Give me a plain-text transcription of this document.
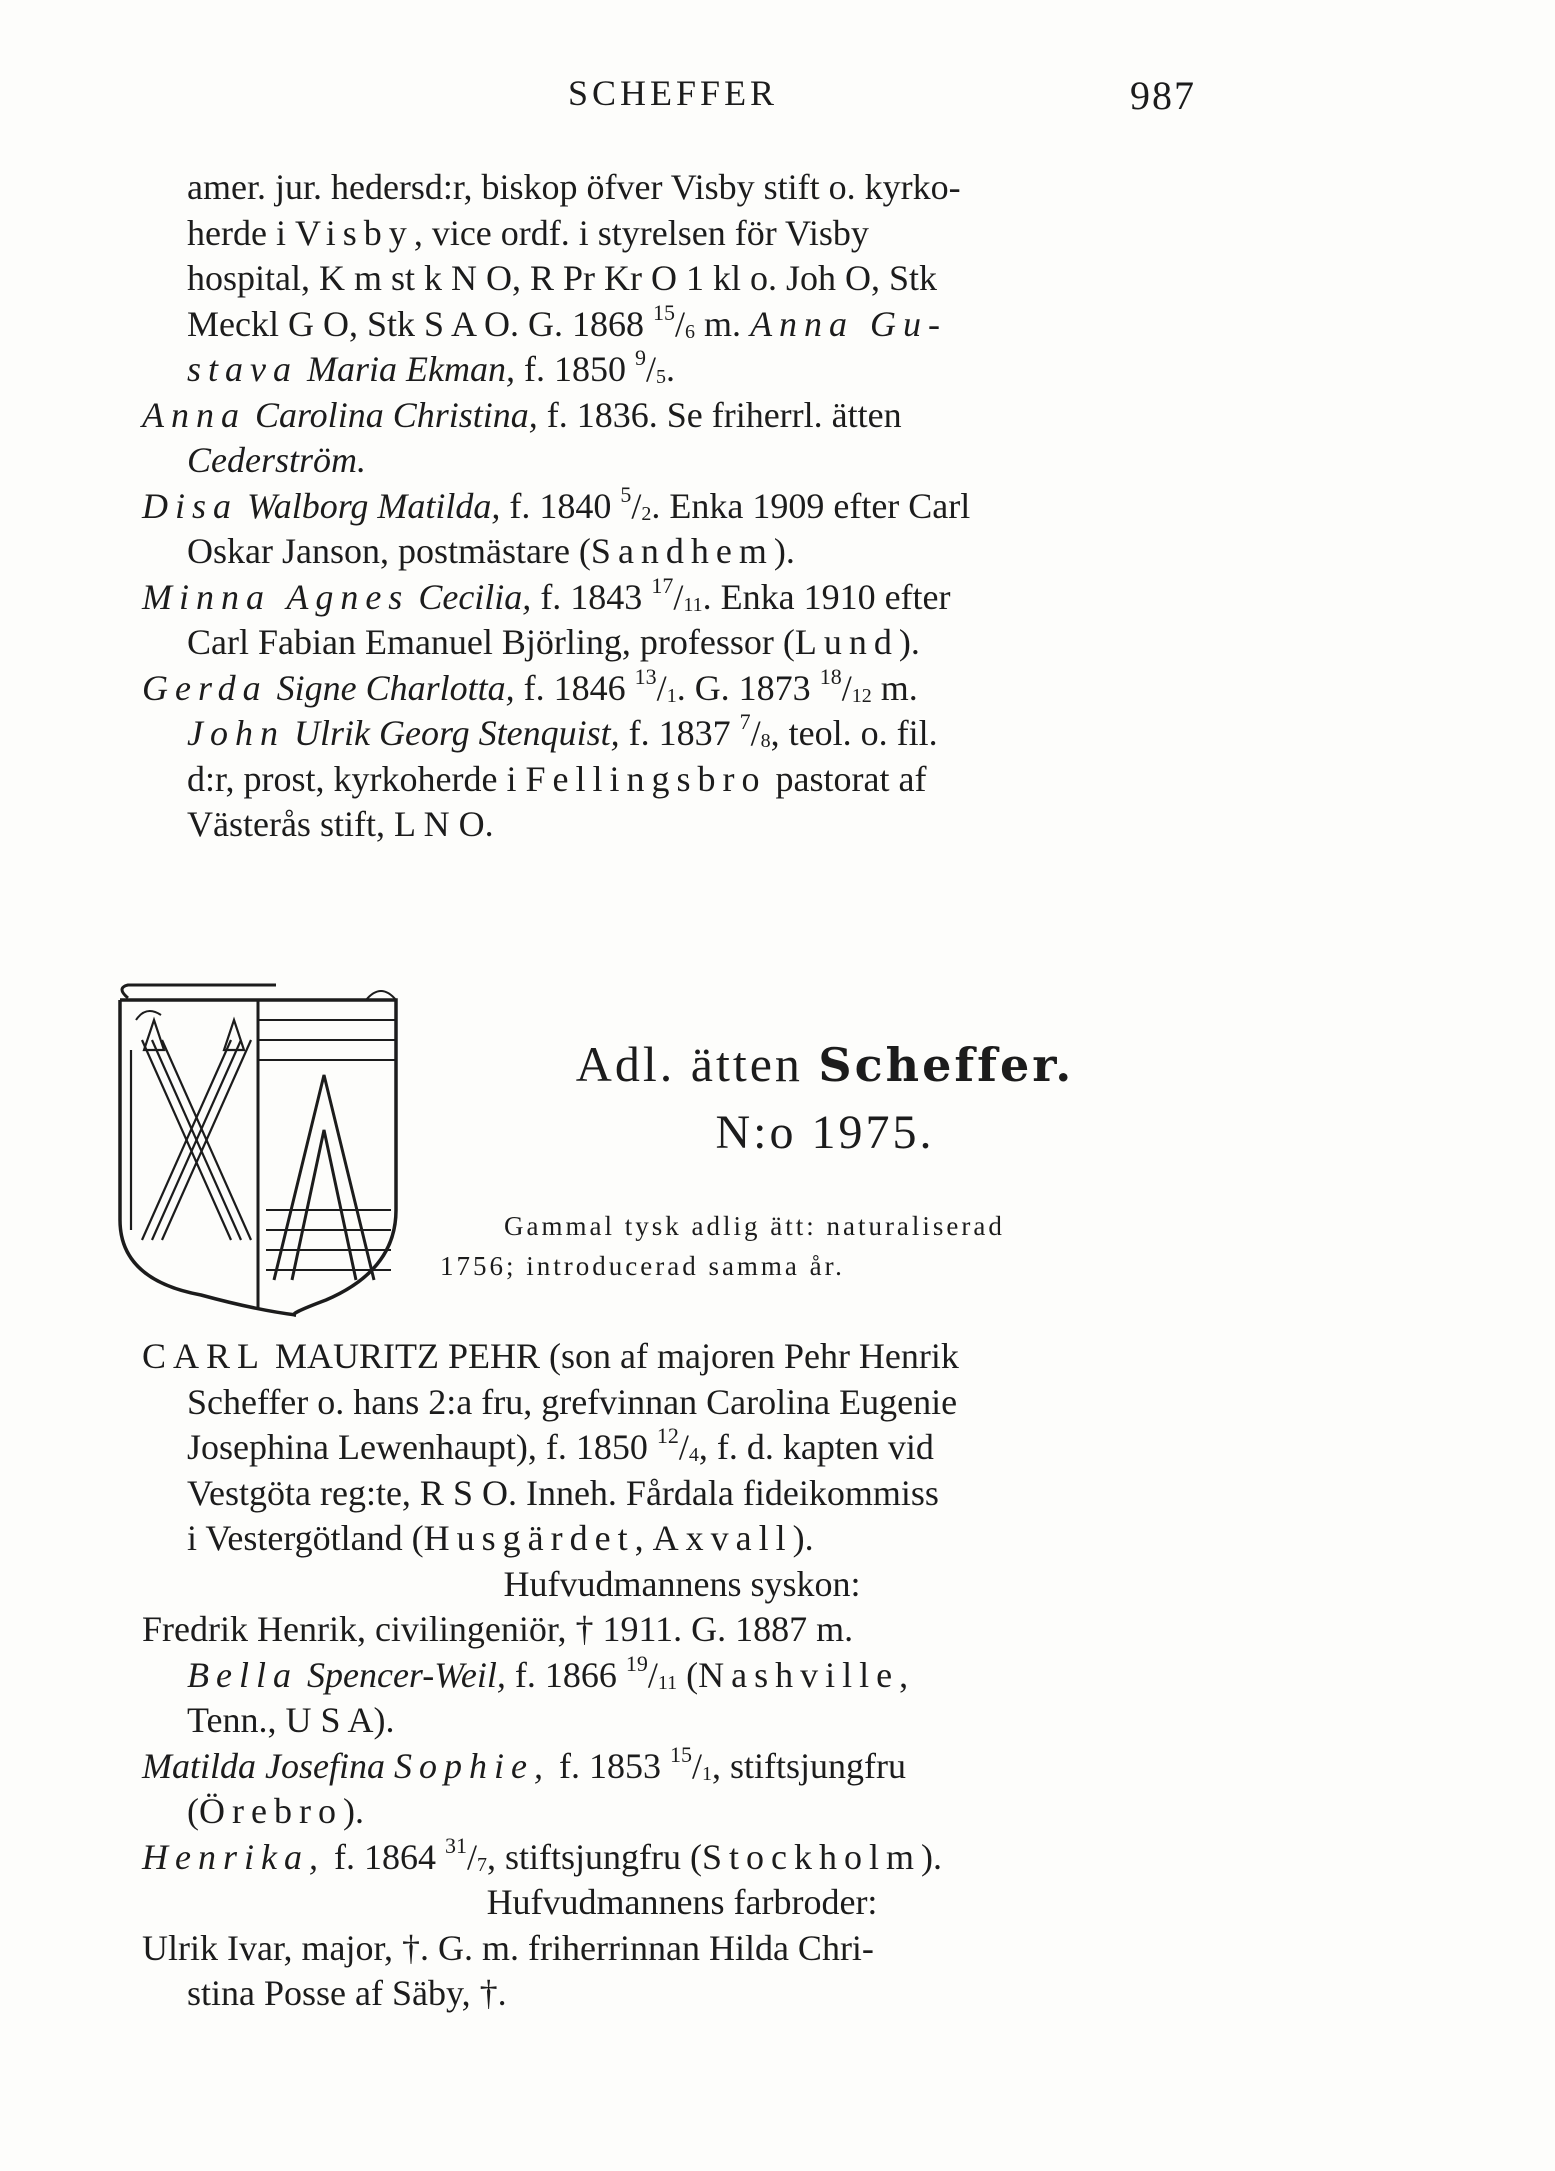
SCHEFFER	987
amer. jur. hedersd:r, biskop öfver Visby stift o. kyrko-
herde i Visby, vice ordf. i styrelsen för Visby
hospital, K m st k N O, R Pr Kr O 1 kl o. Joh O, Stk
Meckl G O, Stk S A O. G. 1868 $^{15}/_6$ m. Anna Gu-
stava Maria Ekman, f. 1850 $^9/_5$.
Anna Carolina Christina, f. 1836. Se friherrl. ätten
Cederström.
Disa Walborg Matilda, f. 1840 $^5/_2$. Enka 1909 efter Carl
Oskar Janson, postmästare (Sandhem).
Minna Agnes Cecilia, f. 1843 $^{17}/_{11}$. Enka 1910 efter
Carl Fabian Emanuel Björling, professor (Lund).
Gerda Signe Charlotta, f. 1846 $^{13}/_1$. G. 1873 $^{18}/_{12}$ m.
John Ulrik Georg Stenquist, f. 1837 $^7/_8$, teol. o. fil.
d:r, prost, kyrkoherde i Fellingsbro pastorat af
Västerås stift, L N O.
Adl. ätten Scheffer.
N:o 1975.
Gammal tysk adlig ätt: naturaliserad
1756; introducerad samma år.
CARL MAURITZ PEHR (son af majoren Pehr Henrik
Scheffer o. hans 2:a fru, grefvinnan Carolina Eugenie
Josephina Lewenhaupt), f. 1850 $^{12}/_4$, f. d. kapten vid
Vestgöta reg:te, R S O. Inneh. Fårdala fideikommiss
i Vestergötland (Husgärdet, Axvall).
Hufvudmannens syskon:
Fredrik Henrik, civilingeniör, † 1911. G. 1887 m.
Bella Spencer-Weil, f. 1866 $^{19}/_{11}$ (Nashville,
Tenn., U S A).
Matilda Josefina Sophie, f. 1853 $^{15}/_1$, stiftsjungfru
(Örebro).
Henrika, f. 1864 $^{31}/_7$, stiftsjungfru (Stockholm).
Hufvudmannens farbroder:
Ulrik Ivar, major, †. G. m. friherrinnan Hilda Chri-
stina Posse af Säby, †.
